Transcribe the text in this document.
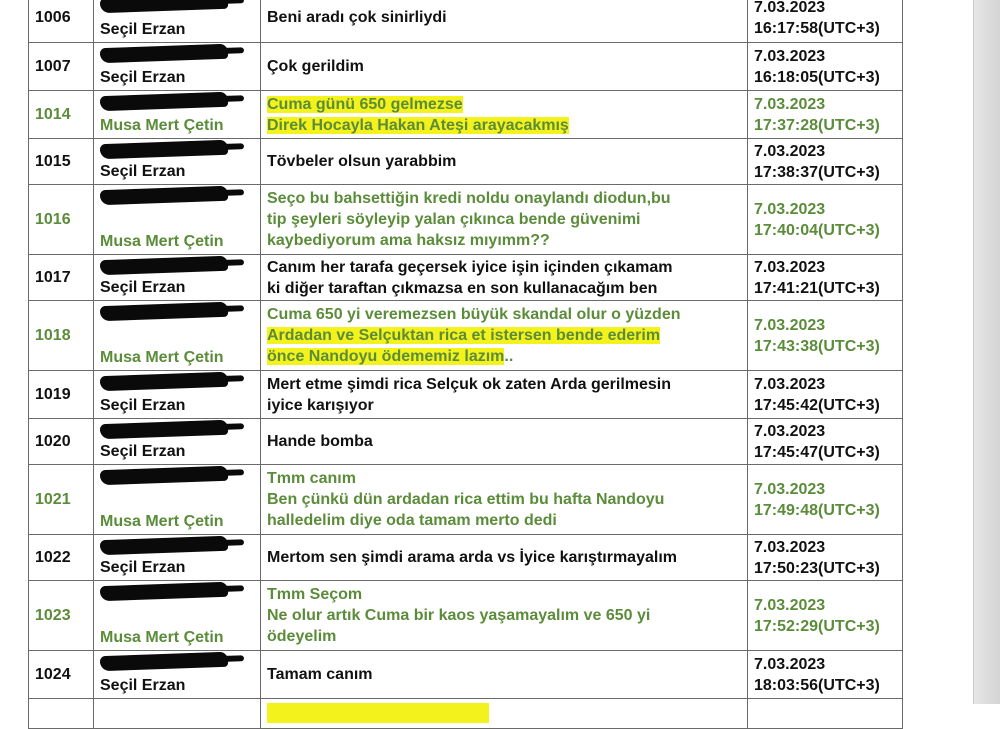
1006	Seçil Erzan	Beni aradı çok sinirliydi	7.03.2023
16:17:58(UTC+3)

1007	Seçil Erzan	Çok gerildim	7.03.2023
16:18:05(UTC+3)

1014	Musa Mert Çetin	Cuma günü 650 gelmezse
Direk Hocayla Hakan Ateşi arayacakmış	7.03.2023
17:37:28(UTC+3)

1015	Seçil Erzan	Tövbeler olsun yarabbim	7.03.2023
17:38:37(UTC+3)

1016	Musa Mert Çetin	Seço bu bahsettiğin kredi noldu onaylandı diodun,bu
tip şeyleri söyleyip yalan çıkınca bende güvenimi
kaybediyorum ama haksız mıyımm??	7.03.2023
17:40:04(UTC+3)

1017	Seçil Erzan	Canım her tarafa geçersek iyice işin içinden çıkamam
ki diğer taraftan çıkmazsa en son kullanacağım ben	7.03.2023
17:41:21(UTC+3)

1018	Musa Mert Çetin	Cuma 650 yi veremezsen büyük skandal olur o yüzden
Ardadan ve Selçuktan rica et istersen bende ederim
önce Nandoyu ödememiz lazım..	7.03.2023
17:43:38(UTC+3)

1019	Seçil Erzan	Mert etme şimdi rica Selçuk ok zaten Arda gerilmesin
iyice karışıyor	7.03.2023
17:45:42(UTC+3)

1020	Seçil Erzan	Hande bomba	7.03.2023
17:45:47(UTC+3)

1021	Musa Mert Çetin	Tmm canım
Ben çünkü dün ardadan rica ettim bu hafta Nandoyu
halledelim diye oda tamam merto dedi	7.03.2023
17:49:48(UTC+3)

1022	Seçil Erzan	Mertom sen şimdi arama arda vs İyice karıştırmayalım	7.03.2023
17:50:23(UTC+3)

1023	Musa Mert Çetin	Tmm Seçom
Ne olur artık Cuma bir kaos yaşamayalım ve 650 yi
ödeyelim	7.03.2023
17:52:29(UTC+3)

1024	Seçil Erzan	Tamam canım	7.03.2023
18:03:56(UTC+3)
